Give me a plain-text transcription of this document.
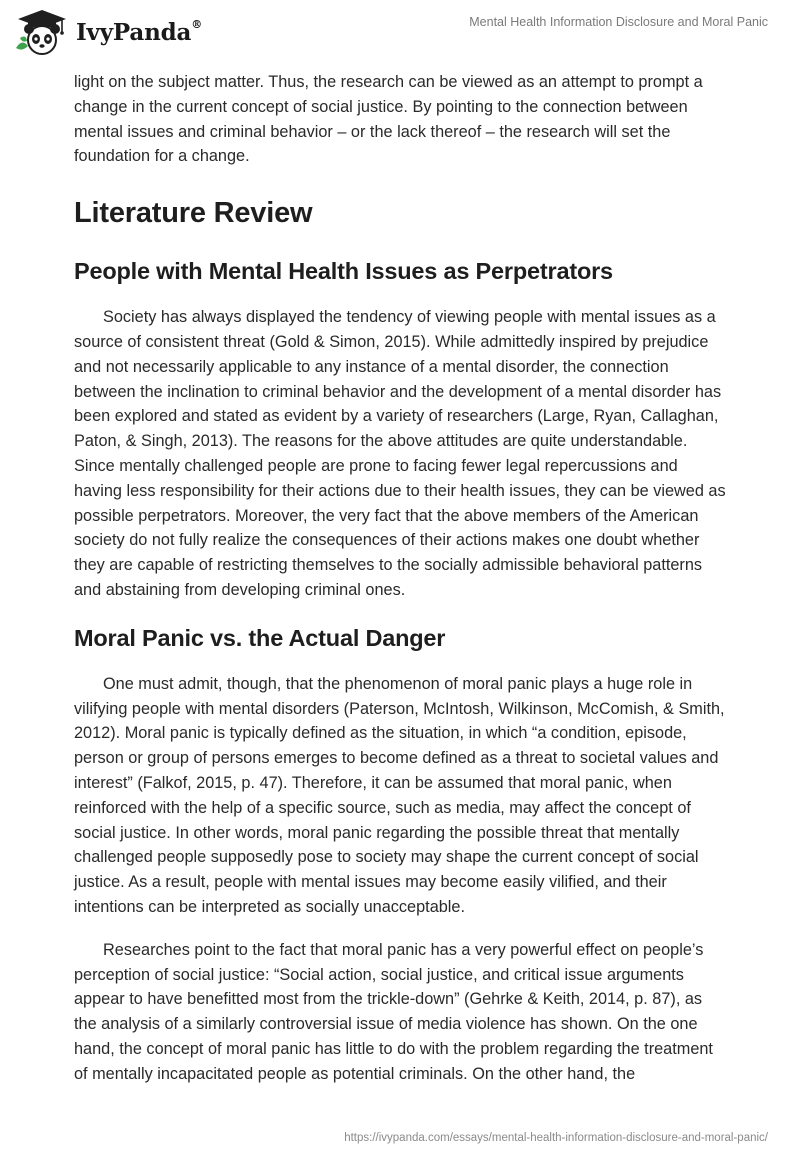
IvyPanda®	Mental Health Information Disclosure and Moral Panic

light on the subject matter. Thus, the research can be viewed as an attempt to prompt a change in the current concept of social justice. By pointing to the connection between mental issues and criminal behavior – or the lack thereof – the research will set the foundation for a change.

Literature Review
People with Mental Health Issues as Perpetrators

Society has always displayed the tendency of viewing people with mental issues as a source of consistent threat (Gold & Simon, 2015). While admittedly inspired by prejudice and not necessarily applicable to any instance of a mental disorder, the connection between the inclination to criminal behavior and the development of a mental disorder has been explored and stated as evident by a variety of researchers (Large, Ryan, Callaghan, Paton, & Singh, 2013). The reasons for the above attitudes are quite understandable. Since mentally challenged people are prone to facing fewer legal repercussions and having less responsibility for their actions due to their health issues, they can be viewed as possible perpetrators. Moreover, the very fact that the above members of the American society do not fully realize the consequences of their actions makes one doubt whether they are capable of restricting themselves to the socially admissible behavioral patterns and abstaining from developing criminal ones.

Moral Panic vs. the Actual Danger

One must admit, though, that the phenomenon of moral panic plays a huge role in vilifying people with mental disorders (Paterson, McIntosh, Wilkinson, McComish, & Smith, 2012). Moral panic is typically defined as the situation, in which “a condition, episode, person or group of persons emerges to become defined as a threat to societal values and interest” (Falkof, 2015, p. 47). Therefore, it can be assumed that moral panic, when reinforced with the help of a specific source, such as media, may affect the concept of social justice. In other words, moral panic regarding the possible threat that mentally challenged people supposedly pose to society may shape the current concept of social justice. As a result, people with mental issues may become easily vilified, and their intentions can be interpreted as socially unacceptable.

Researches point to the fact that moral panic has a very powerful effect on people’s perception of social justice: “Social action, social justice, and critical issue arguments appear to have benefitted most from the trickle-down” (Gehrke & Keith, 2014, p. 87), as the analysis of a similarly controversial issue of media violence has shown. On the one hand, the concept of moral panic has little to do with the problem regarding the treatment of mentally incapacitated people as potential criminals. On the other hand, the

https://ivypanda.com/essays/mental-health-information-disclosure-and-moral-panic/
